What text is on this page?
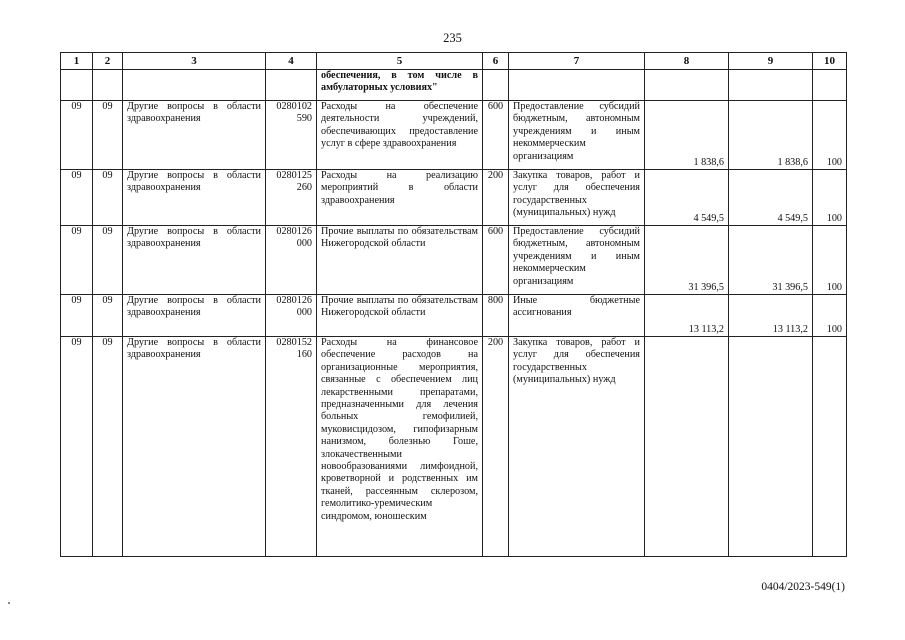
235
1	2	3	4	5	6	7	8	9	10
				обеспечения, в том числе в амбулаторных условиях"					
09	09	Другие вопросы в области здравоохранения	0280102 590	Расходы на обеспечение деятельности учреждений, обеспечивающих предоставление услуг в сфере здравоохранения	600	Предоставление субсидий бюджетным, автономным учреждениям и иным некоммерческим организациям	1 838,6	1 838,6	100
09	09	Другие вопросы в области здравоохранения	0280125 260	Расходы на реализацию мероприятий в области здравоохранения	200	Закупка товаров, работ и услуг для обеспечения государственных (муниципальных) нужд	4 549,5	4 549,5	100
09	09	Другие вопросы в области здравоохранения	0280126 000	Прочие выплаты по обязательствам Нижегородской области	600	Предоставление субсидий бюджетным, автономным учреждениям и иным некоммерческим организациям	31 396,5	31 396,5	100
09	09	Другие вопросы в области здравоохранения	0280126 000	Прочие выплаты по обязательствам Нижегородской области	800	Иные бюджетные ассигнования	13 113,2	13 113,2	100
09	09	Другие вопросы в области здравоохранения	0280152 160	Расходы на финансовое обеспечение расходов на организационные мероприятия, связанные с обеспечением лиц лекарственными препаратами, предназначенными для лечения больных гемофилией, муковисцидозом, гипофизарным нанизмом, болезнью Гоше, злокачественными новообразованиями лимфоидной, кроветворной и родственных им тканей, рассеянным склерозом, гемолитико-уремическим синдромом, юношеским	200	Закупка товаров, работ и услуг для обеспечения государственных (муниципальных) нужд			
0404/2023-549(1)
